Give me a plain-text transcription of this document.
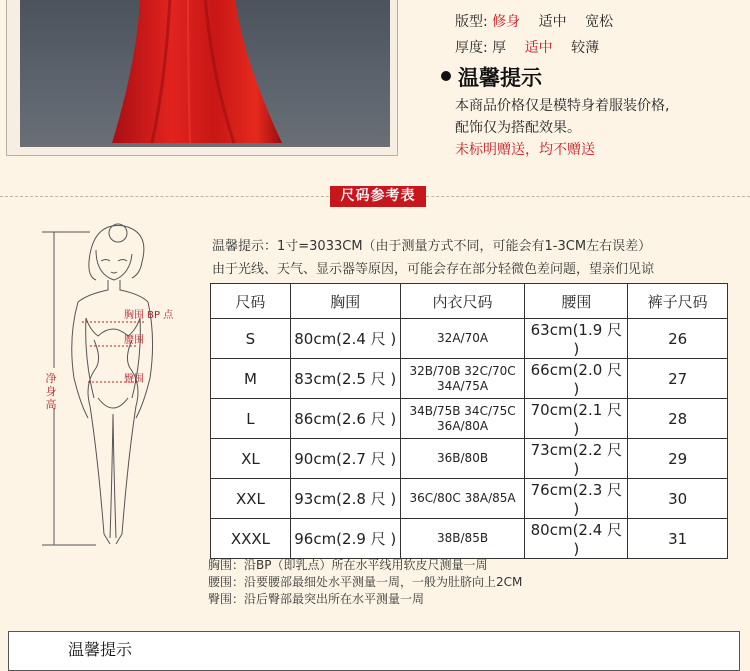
版型: 修身 适中 宽松
厚度: 厚 适中 较薄
温馨提示
本商品价格仅是模特身着服装价格,
配饰仅为搭配效果。
未标明赠送，均不赠送
尺码参考表
胸围 BP 点
腰围
臀围
净身高
温馨提示：1寸=3033CM（由于测量方式不同，可能会有1-3CM左右误差）
由于光线、天气、显示器等原因，可能会存在部分轻微色差问题，望亲们见谅
尺码	胸围	内衣尺码	腰围	裤子尺码
S	80cm(2.4 尺 )	32A/70A	63cm(1.9 尺 )	26
M	83cm(2.5 尺 )	32B/70B 32C/70C
34A/75A	66cm(2.0 尺 )	27
L	86cm(2.6 尺 )	34B/75B 34C/75C
36A/80A	70cm(2.1 尺 )	28
XL	90cm(2.7 尺 )	36B/80B	73cm(2.2 尺 )	29
XXL	93cm(2.8 尺 )	36C/80C 38A/85A	76cm(2.3 尺 )	30
XXXL	96cm(2.9 尺 )	38B/85B	80cm(2.4 尺 )	31
胸围：沿BP（即乳点）所在水平线用软皮尺测量一周
腰围：沿要腰部最细处水平测量一周，一般为肚脐向上2CM
臀围：沿后臀部最突出所在水平测量一周
温馨提示
